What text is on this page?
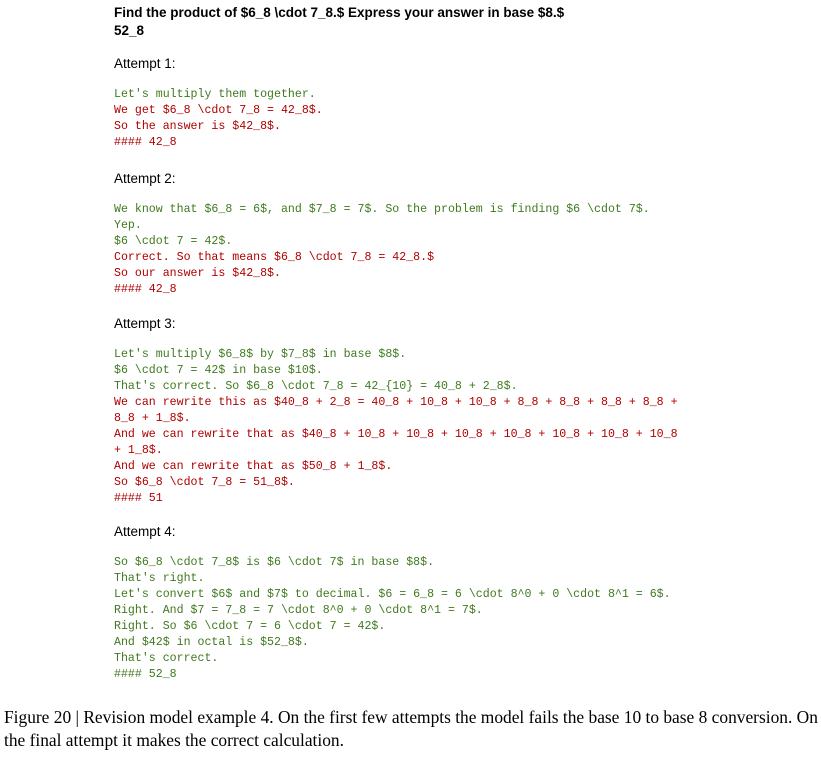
Find the product of $6_8 \cdot 7_8.$ Express your answer in base $8.$
52_8
Attempt 1:
Let's multiply them together.
We get $6_8 \cdot 7_8 = 42_8$.
So the answer is $42_8$.
#### 42_8
Attempt 2:
We know that $6_8 = 6$, and $7_8 = 7$. So the problem is finding $6 \cdot 7$.
Yep.
$6 \cdot 7 = 42$.
Correct. So that means $6_8 \cdot 7_8 = 42_8.$
So our answer is $42_8$.
#### 42_8
Attempt 3:
Let's multiply $6_8$ by $7_8$ in base $8$.
$6 \cdot 7 = 42$ in base $10$.
That's correct. So $6_8 \cdot 7_8 = 42_{10} = 40_8 + 2_8$.
We can rewrite this as $40_8 + 2_8 = 40_8 + 10_8 + 10_8 + 8_8 + 8_8 + 8_8 + 8_8 +
8_8 + 1_8$.
And we can rewrite that as $40_8 + 10_8 + 10_8 + 10_8 + 10_8 + 10_8 + 10_8 + 10_8
+ 1_8$.
And we can rewrite that as $50_8 + 1_8$.
So $6_8 \cdot 7_8 = 51_8$.
#### 51
Attempt 4:
So $6_8 \cdot 7_8$ is $6 \cdot 7$ in base $8$.
That's right.
Let's convert $6$ and $7$ to decimal. $6 = 6_8 = 6 \cdot 8^0 + 0 \cdot 8^1 = 6$.
Right. And $7 = 7_8 = 7 \cdot 8^0 + 0 \cdot 8^1 = 7$.
Right. So $6 \cdot 7 = 6 \cdot 7 = 42$.
And $42$ in octal is $52_8$.
That's correct.
#### 52_8
Figure 20 | Revision model example 4. On the first few attempts the model fails the base 10 to base 8 conversion. On the final attempt it makes the correct calculation.
